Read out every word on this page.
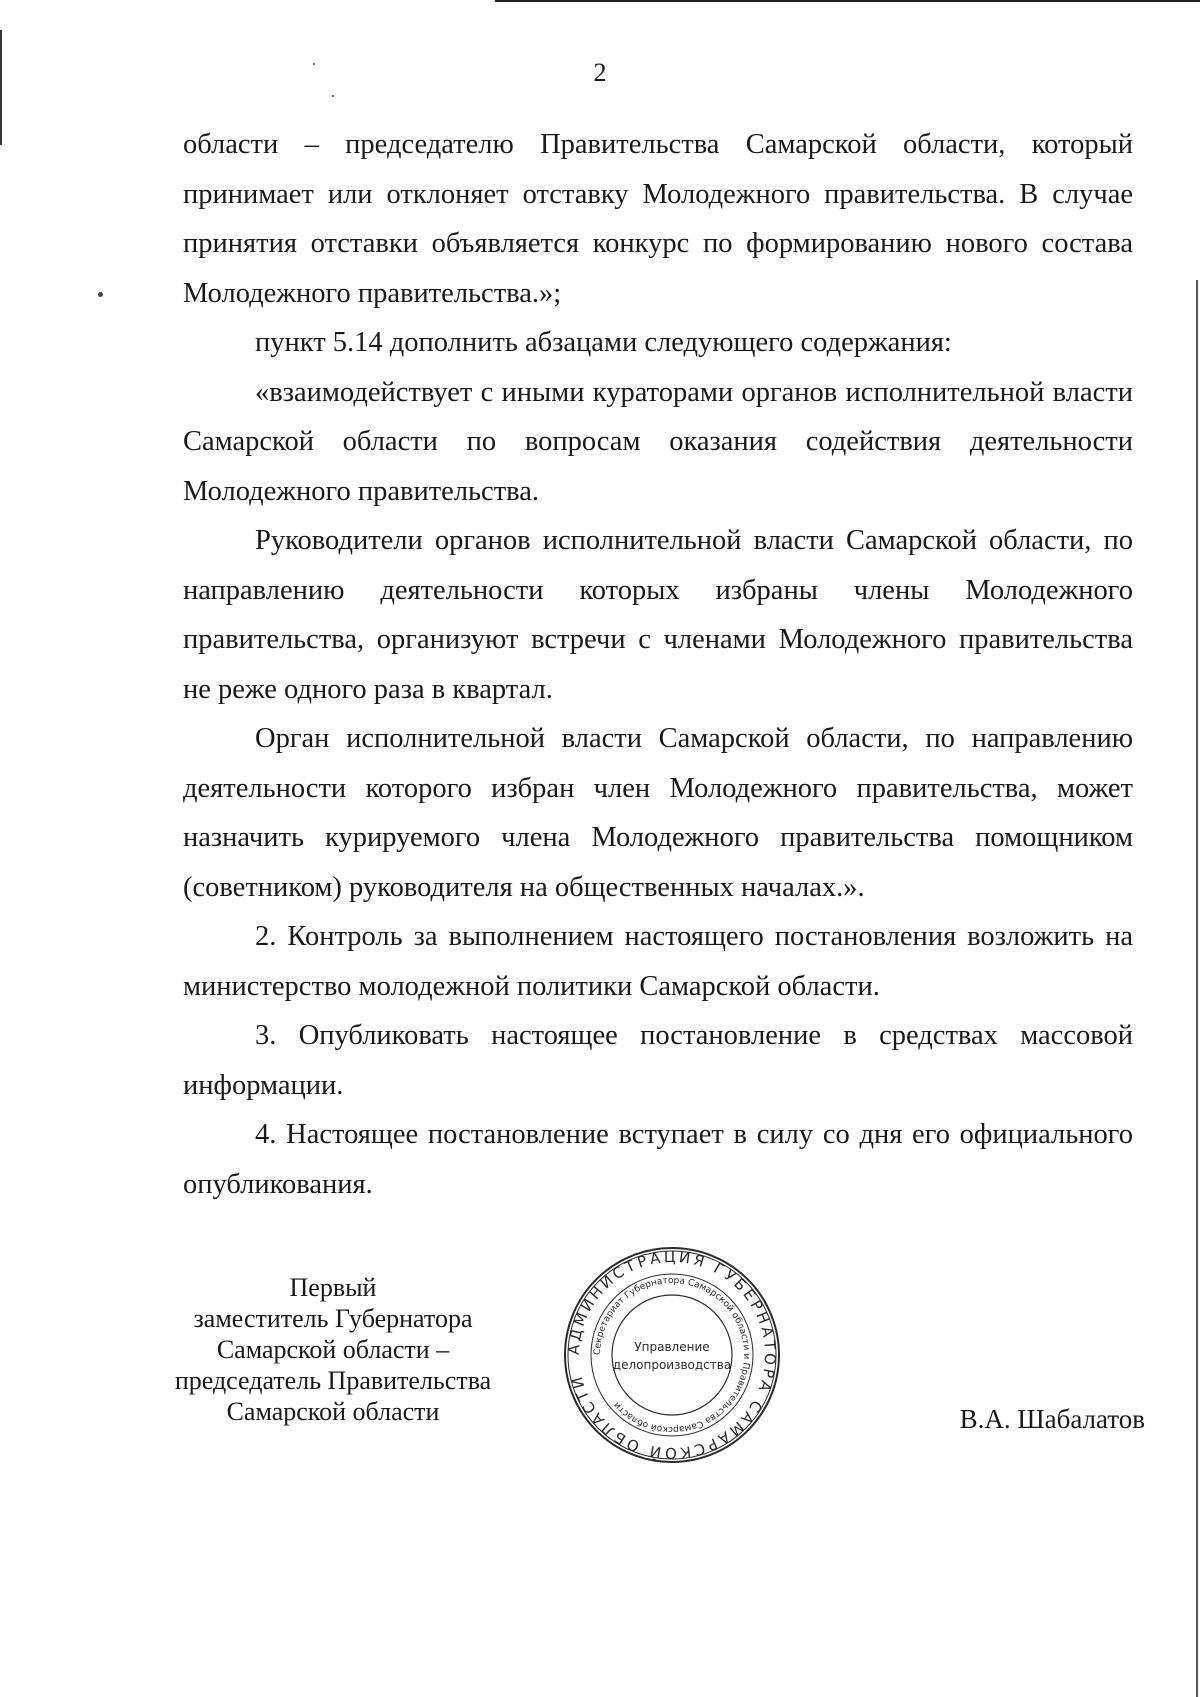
2

области – председателю Правительства Самарской области, который принимает или отклоняет отставку Молодежного правительства. В случае принятия отставки объявляется конкурс по формированию нового состава Молодежного правительства.»;

пункт 5.14 дополнить абзацами следующего содержания:

«взаимодействует с иными кураторами органов исполнительной власти Самарской области по вопросам оказания содействия деятельности Молодежного правительства.

Руководители органов исполнительной власти Самарской области, по направлению деятельности которых избраны члены Молодежного правительства, организуют встречи с членами Молодежного правительства не реже одного раза в квартал.

Орган исполнительной власти Самарской области, по направлению деятельности которого избран член Молодежного правительства, может назначить курируемого члена Молодежного правительства помощником (советником) руководителя на общественных началах.».

2. Контроль за выполнением настоящего постановления возложить на министерство молодежной политики Самарской области.

3. Опубликовать настоящее постановление в средствах массовой информации.

4. Настоящее постановление вступает в силу со дня его официального опубликования.

Первый
заместитель Губернатора
Самарской области –
председатель Правительства
Самарской области
АДМИНИСТРАЦИЯ ГУБЕРНАТОРА САМАРСКОЙ ОБЛАСТИ
Секретариат Губернатора Самарской области и Правительства Самарской области
Управление
делопроизводства
В.А. Шабалатов
